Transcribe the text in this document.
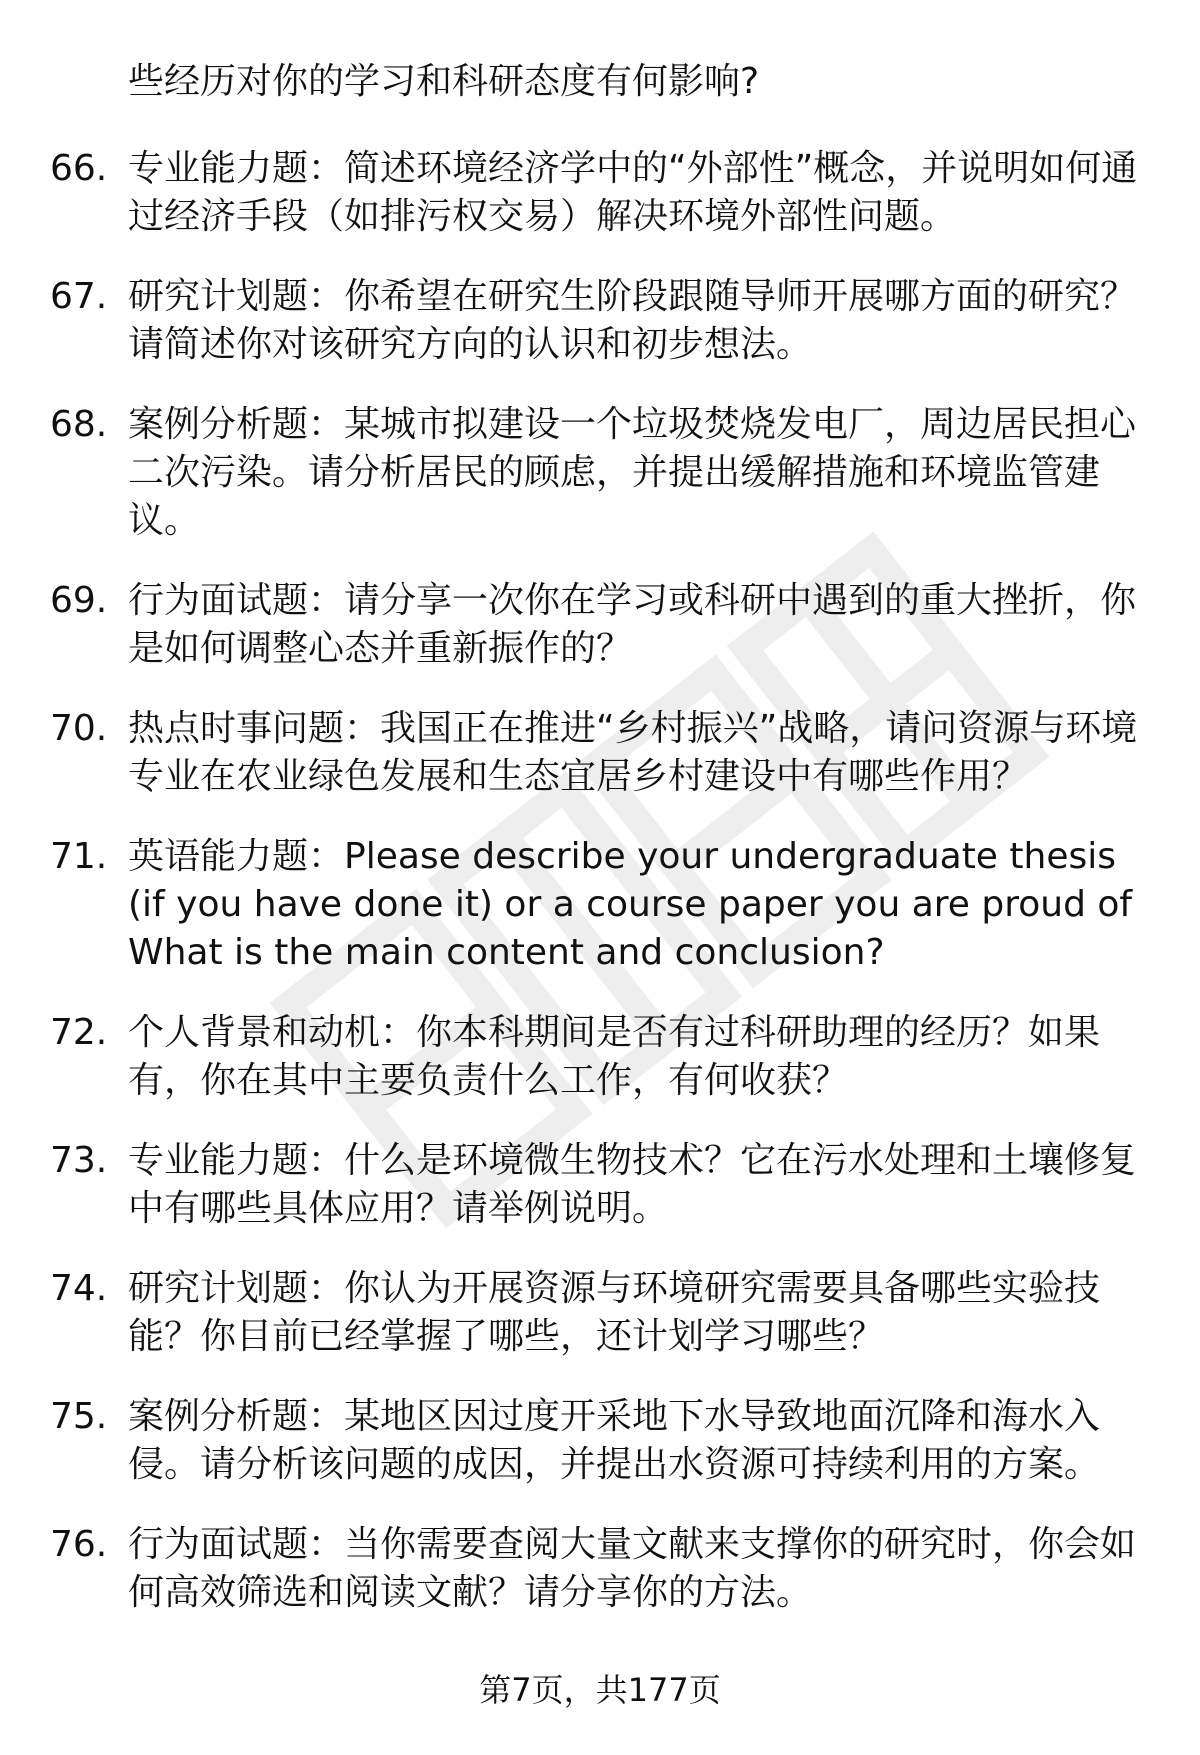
些经历对你的学习和科研态度有何影响?
66. 专业能力题：简述环境经济学中的“外部性”概念，并说明如何通过经济手段（如排污权交易）解决环境外部性问题。
67. 研究计划题：你希望在研究生阶段跟随导师开展哪方面的研究？请简述你对该研究方向的认识和初步想法。
68. 案例分析题：某城市拟建设一个垃圾焚烧发电厂，周边居民担心二次污染。请分析居民的顾虑，并提出缓解措施和环境监管建议。
69. 行为面试题：请分享一次你在学习或科研中遇到的重大挫折，你是如何调整心态并重新振作的？
70. 热点时事问题：我国正在推进“乡村振兴”战略，请问资源与环境专业在农业绿色发展和生态宜居乡村建设中有哪些作用？
71. 英语能力题：Please describe your undergraduate thesis (if you have done it) or a course paper you are proud of What is the main content and conclusion?
72. 个人背景和动机：你本科期间是否有过科研助理的经历？如果有，你在其中主要负责什么工作，有何收获？
73. 专业能力题：什么是环境微生物技术？它在污水处理和土壤修复中有哪些具体应用？请举例说明。
74. 研究计划题：你认为开展资源与环境研究需要具备哪些实验技能？你目前已经掌握了哪些，还计划学习哪些？
75. 案例分析题：某地区因过度开采地下水导致地面沉降和海水入侵。请分析该问题的成因，并提出水资源可持续利用的方案。
76. 行为面试题：当你需要查阅大量文献来支撑你的研究时，你会如何高效筛选和阅读文献？请分享你的方法。
第7页，共177页
